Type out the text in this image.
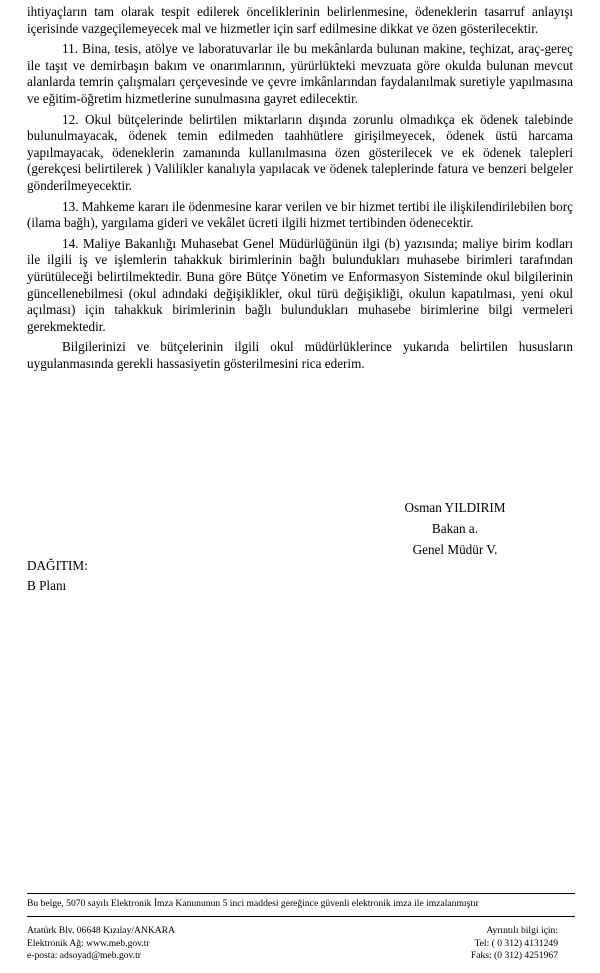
ihtiyaçların tam olarak tespit edilerek önceliklerinin belirlenmesine, ödeneklerin tasarruf anlayışı içerisinde vazgeçilemeyecek mal ve hizmetler için sarf edilmesine dikkat ve özen gösterilecektir.

11. Bina, tesis, atölye ve laboratuvarlar ile bu mekânlarda bulunan makine, teçhizat, araç-gereç ile taşıt ve demirbaşın bakım ve onarımlarının, yürürlükteki mevzuata göre okulda bulunan mevcut alanlarda temrin çalışmaları çerçevesinde ve çevre imkânlarından faydalanılmak suretiyle yapılmasına ve eğitim-öğretim hizmetlerine sunulmasına gayret edilecektir.

12. Okul bütçelerinde belirtilen miktarların dışında zorunlu olmadıkça ek ödenek talebinde bulunulmayacak, ödenek temin edilmeden taahhütlere girişilmeyecek, ödenek üstü harcama yapılmayacak, ödeneklerin zamanında kullanılmasına özen gösterilecek ve ek ödenek talepleri (gerekçesi belirtilerek ) Valilikler kanalıyla yapılacak ve ödenek taleplerinde fatura ve benzeri belgeler gönderilmeyecektir.

13. Mahkeme kararı ile ödenmesine karar verilen ve bir hizmet tertibi ile ilişkilendirilebilen borç (ilama bağlı), yargılama gideri ve vekâlet ücreti ilgili hizmet tertibinden ödenecektir.

14. Maliye Bakanlığı Muhasebat Genel Müdürlüğünün ilgi (b) yazısında; maliye birim kodları ile ilgili iş ve işlemlerin tahakkuk birimlerinin bağlı bulundukları muhasebe birimleri tarafından yürütüleceği belirtilmektedir. Buna göre Bütçe Yönetim ve Enformasyon Sisteminde okul bilgilerinin güncellenebilmesi (okul adındaki değişiklikler, okul türü değişikliği, okulun kapatılması, yeni okul açılması) için tahakkuk birimlerinin bağlı bulundukları muhasebe birimlerine bilgi vermeleri gerekmektedir.

Bilgilerinizi ve bütçelerinin ilgili okul müdürlüklerince yukarıda belirtilen hususların uygulanmasında gerekli hassasiyetin gösterilmesini rica ederim.

Osman YILDIRIM
Bakan a.
Genel Müdür V.
DAĞITIM:
B Planı
Bu belge, 5070 sayılı Elektronik İmza Kanununun 5 inci maddesi gereğince güvenli elektronik imza ile imzalanmıştır
Atatürk Blv. 06648 Kızılay/ANKARA
Elektronik Ağ: www.meb.gov.tr
e-posta: adsoyad@meb.gov.tr
Ayrıntılı bilgi için:
Tel: ( 0 312) 4131249
Faks: (0 312) 4251967
